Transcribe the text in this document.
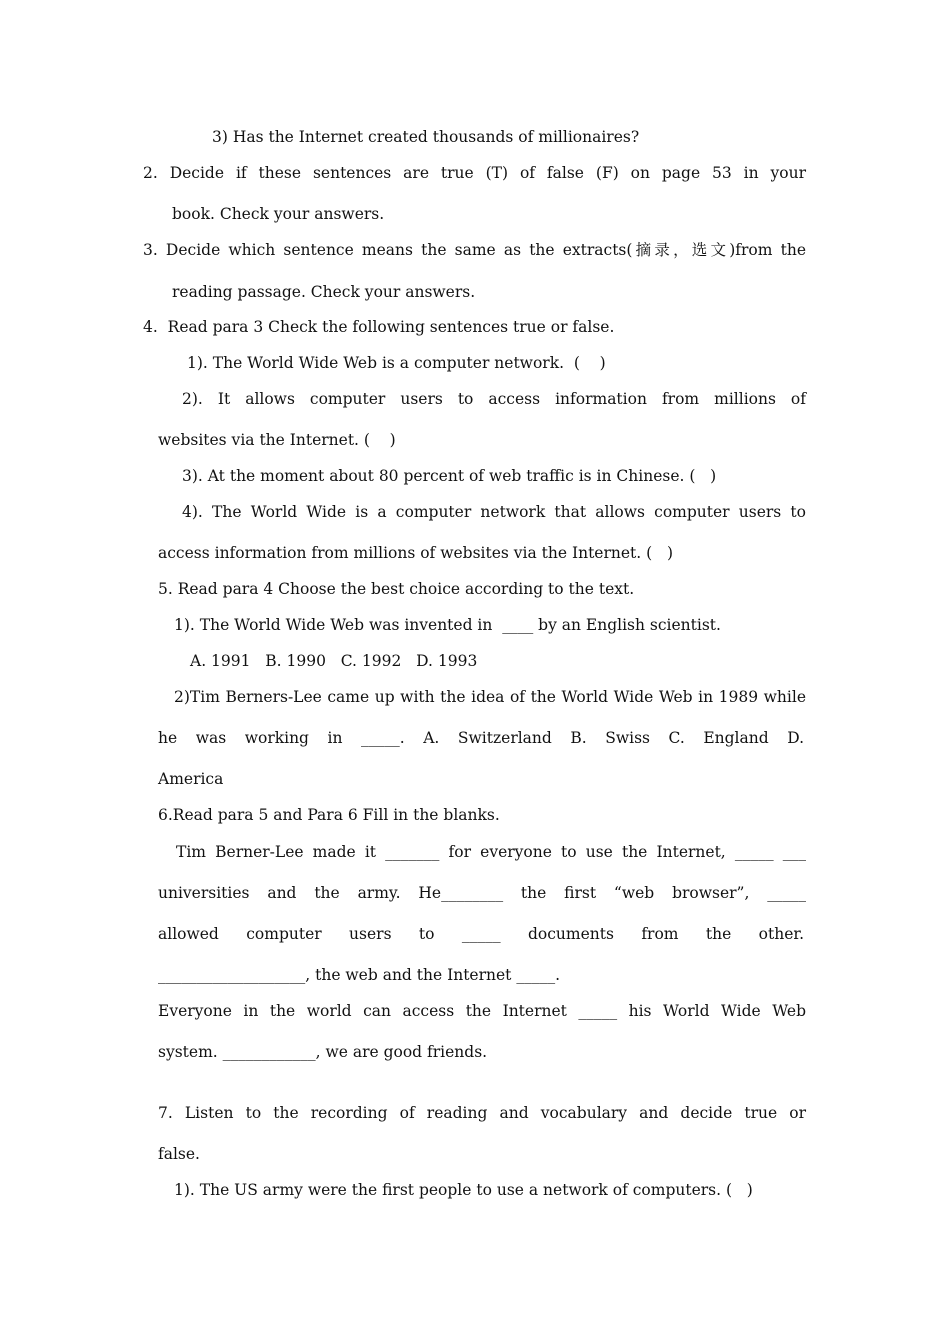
3) Has the Internet created thousands of millionaires?

2. Decide if these sentences are true (T) of false (F) on page 53 in your

book. Check your answers.

3. Decide which sentence means the same as the extracts(摘录，选文)from the

reading passage. Check your answers.

4.  Read para 3 Check the following sentences true or false.

1). The World Wide Web is a computer network.  (    )

2). It allows computer users to access information from millions of

websites via the Internet. (    )

3). At the moment about 80 percent of web traffic is in Chinese. (   )

4). The World Wide is a computer network that allows computer users to

access information from millions of websites via the Internet. (   )

5. Read para 4 Choose the best choice according to the text.

1). The World Wide Web was invented in  ____ by an English scientist.

A. 1991   B. 1990   C. 1992   D. 1993

2)Tim Berners-Lee came up with the idea of the World Wide Web in 1989 while

he was working in _____. A. Switzerland B. Swiss C. England D.

America

6.Read para 5 and Para 6 Fill in the blanks.

Tim Berner-Lee made it _______ for everyone to use the Internet, _____ ___

universities and the army. He________ the first “web browser”, _____

allowed computer users to _____ documents from the other.

___________________, the web and the Internet _____.

Everyone in the world can access the Internet _____ his World Wide Web

system. ____________, we are good friends.

7. Listen to the recording of reading and vocabulary and decide true or

false.

1). The US army were the first people to use a network of computers. (   )
